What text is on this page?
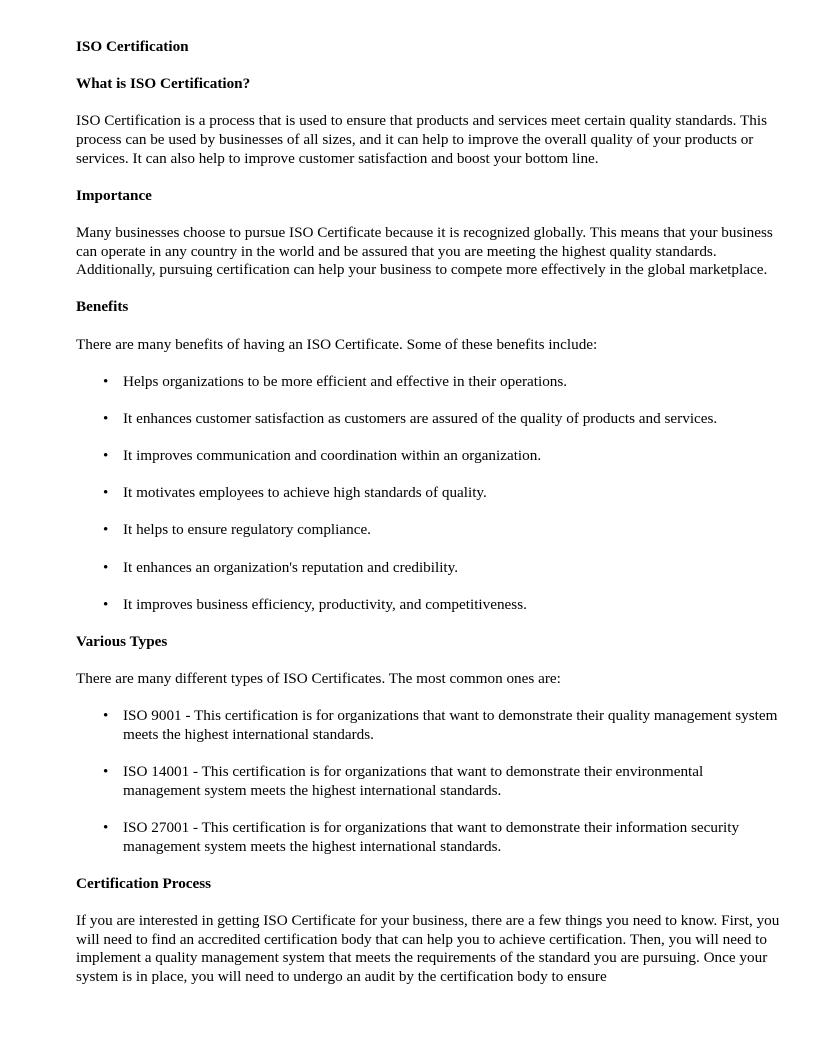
ISO Certification
What is ISO Certification?

ISO Certification is a process that is used to ensure that products and services meet certain quality standards. This process can be used by businesses of all sizes, and it can help to improve the overall quality of your products or services. It can also help to improve customer satisfaction and boost your bottom line.

Importance

Many businesses choose to pursue ISO Certificate because it is recognized globally. This means that your business can operate in any country in the world and be assured that you are meeting the highest quality standards. Additionally, pursuing certification can help your business to compete more effectively in the global marketplace.

Benefits

There are many benefits of having an ISO Certificate. Some of these benefits include:

• Helps organizations to be more efficient and effective in their operations.
• It enhances customer satisfaction as customers are assured of the quality of products and services.
• It improves communication and coordination within an organization.
• It motivates employees to achieve high standards of quality.
• It helps to ensure regulatory compliance.
• It enhances an organization's reputation and credibility.
• It improves business efficiency, productivity, and competitiveness.
Various Types

There are many different types of ISO Certificates. The most common ones are:

• ISO 9001 - This certification is for organizations that want to demonstrate their quality management system meets the highest international standards.
• ISO 14001 - This certification is for organizations that want to demonstrate their environmental management system meets the highest international standards.
• ISO 27001 - This certification is for organizations that want to demonstrate their information security management system meets the highest international standards.
Certification Process

If you are interested in getting ISO Certificate for your business, there are a few things you need to know. First, you will need to find an accredited certification body that can help you to achieve certification. Then, you will need to implement a quality management system that meets the requirements of the standard you are pursuing. Once your system is in place, you will need to undergo an audit by the certification body to ensure
